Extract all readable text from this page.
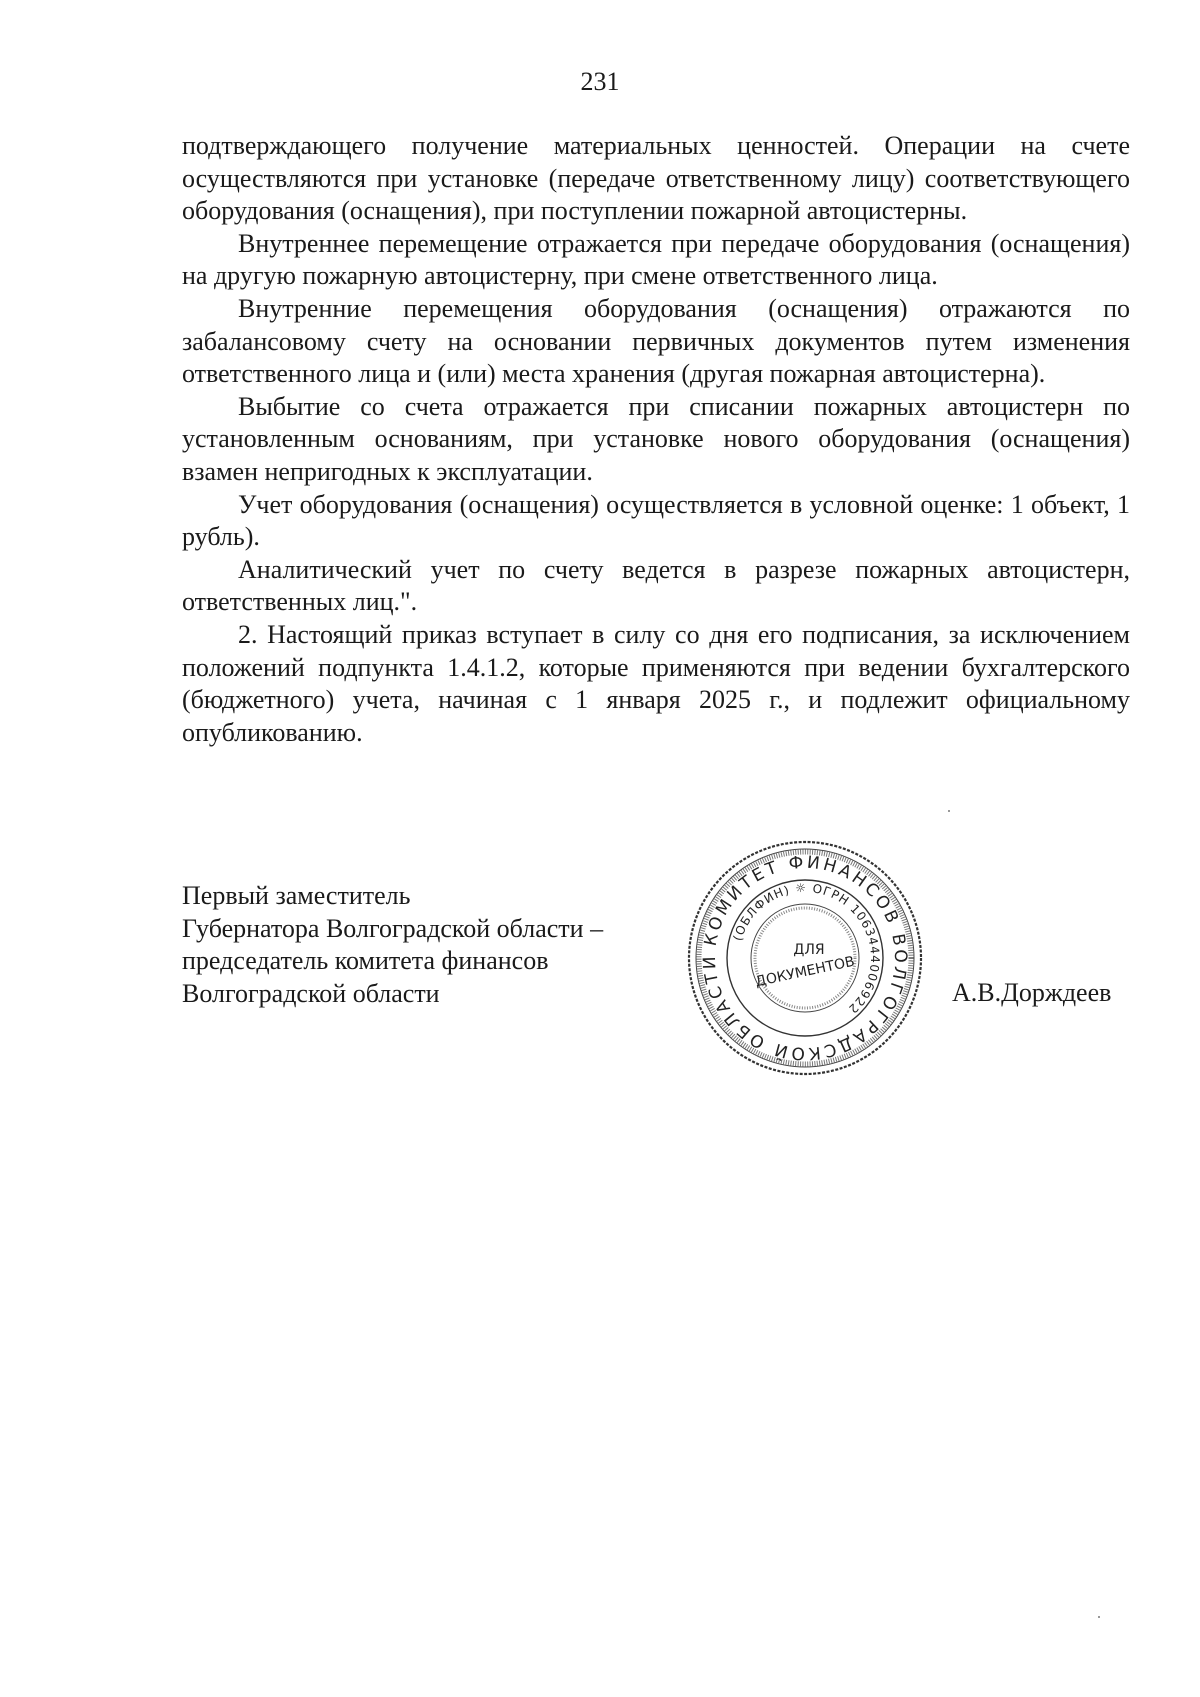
231

подтверждающего получение материальных ценностей. Операции на счете осуществляются при установке (передаче ответственному лицу) соответствующего оборудования (оснащения), при поступлении пожарной автоцистерны.

Внутреннее перемещение отражается при передаче оборудования (оснащения) на другую пожарную автоцистерну, при смене ответственного лица.

Внутренние перемещения оборудования (оснащения) отражаются по забалансовому счету на основании первичных документов путем изменения ответственного лица и (или) места хранения (другая пожарная автоцистерна).

Выбытие со счета отражается при списании пожарных автоцистерн по установленным основаниям, при установке нового оборудования (оснащения) взамен непригодных к эксплуатации.

Учет оборудования (оснащения) осуществляется в условной оценке: 1 объект, 1 рубль).

Аналитический учет по счету ведется в разрезе пожарных автоцистерн, ответственных лиц.".

2. Настоящий приказ вступает в силу со дня его подписания, за исключением положений подпункта 1.4.1.2, которые применяются при ведении бухгалтерского (бюджетного) учета, начиная с 1 января 2025 г., и подлежит официальному опубликованию.

Первый заместитель
Губернатора Волгоградской области –
председатель комитета финансов
Волгоградской области
КОМИТЕТ ФИНАНСОВ ВОЛГОГРАДСКОЙ ОБЛАСТИ
(ОБЛФИН) ☼ ОГРН 1063444006922
ДЛЯ
ДОКУМЕНТОВ
А.В.Дорждеев
